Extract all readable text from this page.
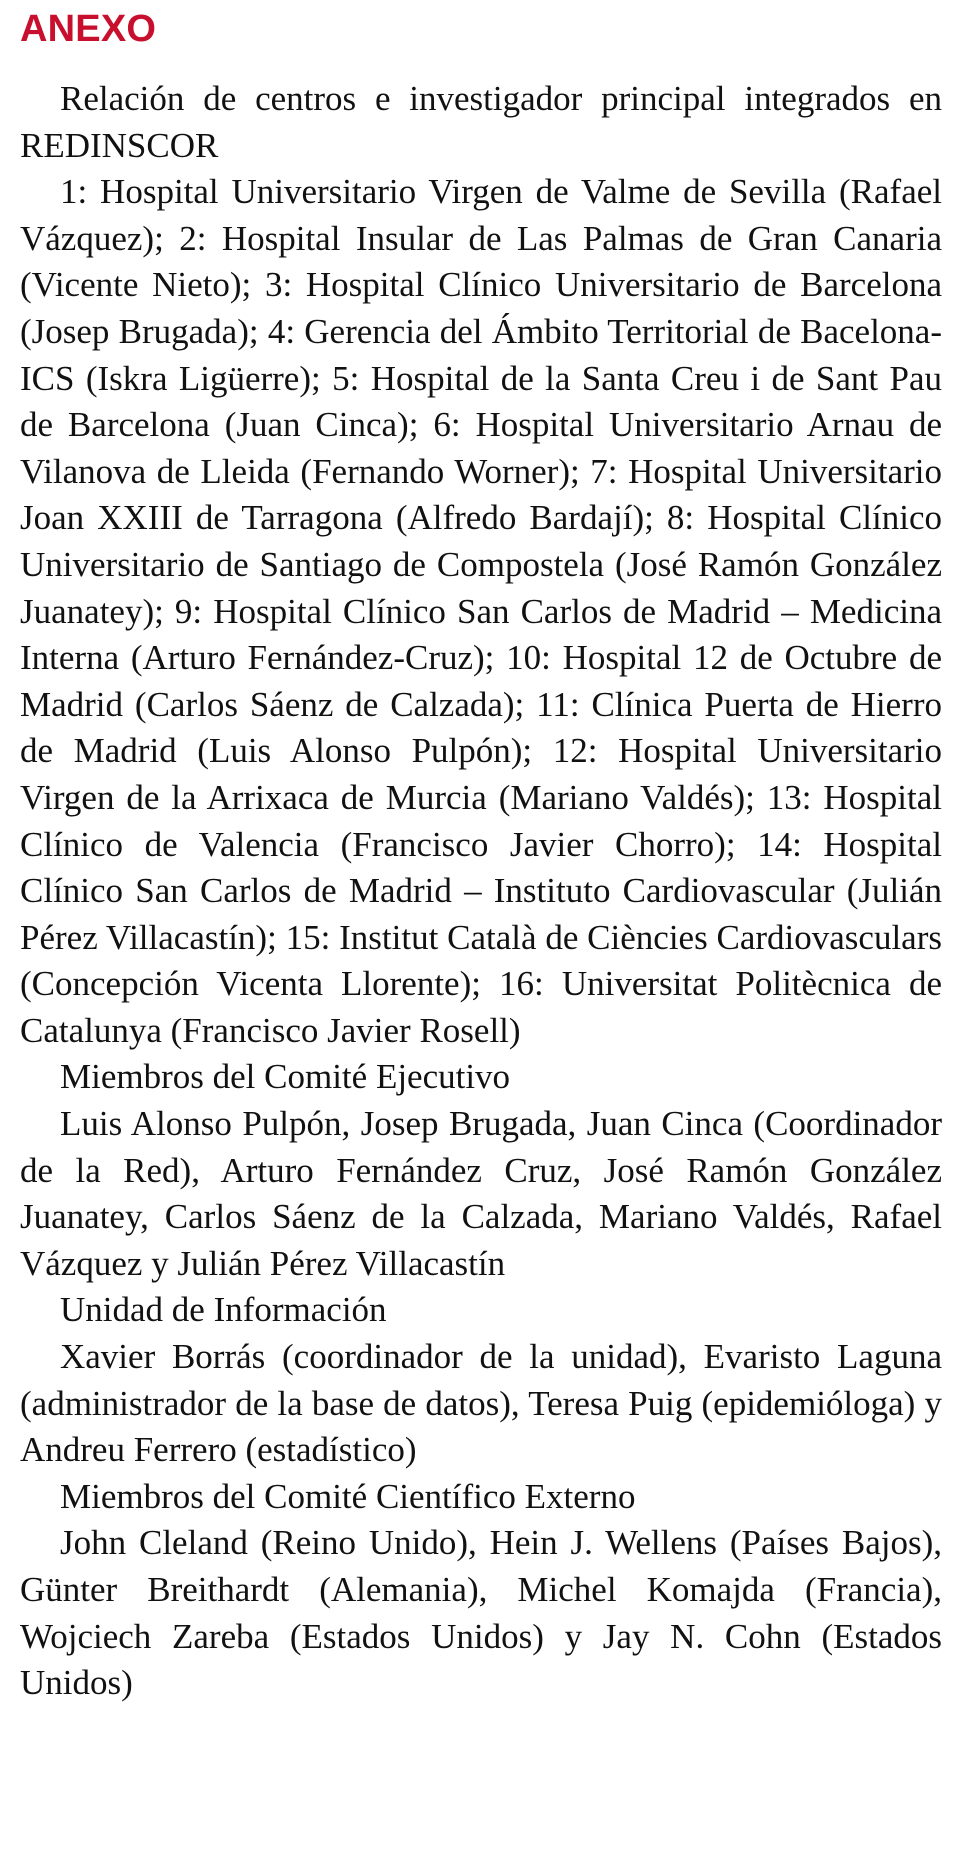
ANEXO

Relación de centros e investigador principal integrados en REDINSCOR

1: Hospital Universitario Virgen de Valme de Sevilla (Rafael Vázquez); 2: Hospital Insular de Las Palmas de Gran Canaria (Vicente Nieto); 3: Hospital Clínico Universitario de Barcelona (Josep Brugada); 4: Gerencia del Ámbito Territorial de Bacelona-ICS (Iskra Ligüerre); 5: Hospital de la Santa Creu i de Sant Pau de Barcelona (Juan Cinca); 6: Hospital Universitario Arnau de Vilanova de Lleida (Fernando Worner); 7: Hospital Universitario Joan XXIII de Tarragona (Alfredo Bardají); 8: Hospital Clínico Universitario de Santiago de Compostela (José Ramón González Juanatey); 9: Hospital Clínico San Carlos de Madrid – Medicina Interna (Arturo Fernández-Cruz); 10: Hospital 12 de Octubre de Madrid (Carlos Sáenz de Calzada); 11: Clínica Puerta de Hierro de Madrid (Luis Alonso Pulpón); 12: Hospital Universitario Virgen de la Arrixaca de Murcia (Mariano Valdés); 13: Hospital Clínico de Valencia (Francisco Javier Chorro); 14: Hospital Clínico San Carlos de Madrid – Instituto Cardiovascular (Julián Pérez Villacastín); 15: Institut Català de Ciències Cardiovasculars (Concepción Vicenta Llorente); 16: Universitat Politècnica de Catalunya (Francisco Javier Rosell)

Miembros del Comité Ejecutivo

Luis Alonso Pulpón, Josep Brugada, Juan Cinca (Coordinador de la Red), Arturo Fernández Cruz, José Ramón González Juanatey, Carlos Sáenz de la Calzada, Mariano Valdés, Rafael Vázquez y Julián Pérez Villacastín

Unidad de Información

Xavier Borrás (coordinador de la unidad), Evaristo Laguna (administrador de la base de datos), Teresa Puig (epidemióloga) y Andreu Ferrero (estadístico)

Miembros del Comité Científico Externo

John Cleland (Reino Unido), Hein J. Wellens (Países Bajos), Günter Breithardt (Alemania), Michel Komajda (Francia), Wojciech Zareba (Estados Unidos) y Jay N. Cohn (Estados Unidos)
